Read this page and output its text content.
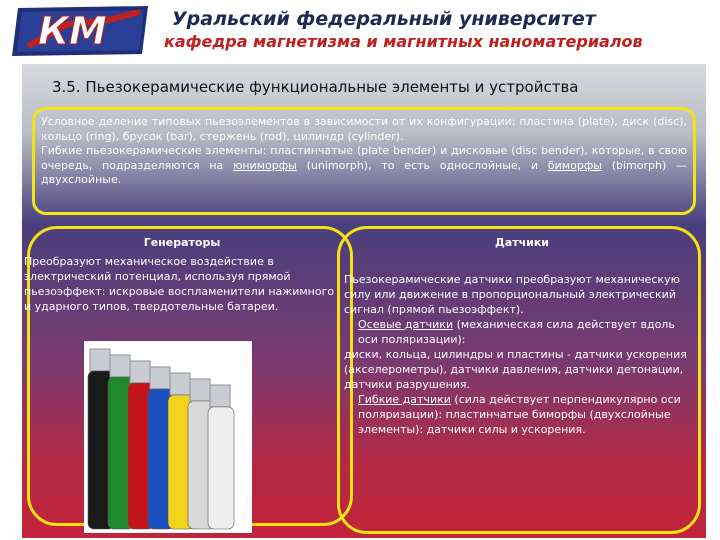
КМ	Уральский федеральный университет
кафедра магнетизма и магнитных наноматериалов
3.5. Пьезокерамические функциональные элементы и устройства

Условное деление типовых пьезоэлементов в зависимости от их конфигурации: пластина (plate), диск (disc), кольцо (ring), брусок (bar), стержень (rod), цилиндр (cylinder).

Гибкие пьезокерамические элементы: пластинчатые (plate bender) и дисковые (disc bender), которые, в свою очередь, подразделяются на юниморфы (unimorph), то есть однослойные, и биморфы (bimorph) — двухслойные.

Генераторы
Преобразуют механическое воздействие в электрический потенциал, используя прямой пьезоэффект: искровые воспламенители нажимного и ударного типов, твердотельные батареи.
Датчики
Пьезокерамические датчики преобразуют механическую силу или движение в пропорциональный электрический сигнал (прямой пьезоэффект).
Осевые датчики (механическая сила действует вдоль оси поляризации):
диски, кольца, цилиндры и пластины - датчики ускорения (акселерометры), датчики давления, датчики детонации, датчики разрушения.
Гибкие датчики (сила действует перпендикулярно оси поляризации): пластинчатые биморфы (двухслойные элементы): датчики силы и ускорения.
